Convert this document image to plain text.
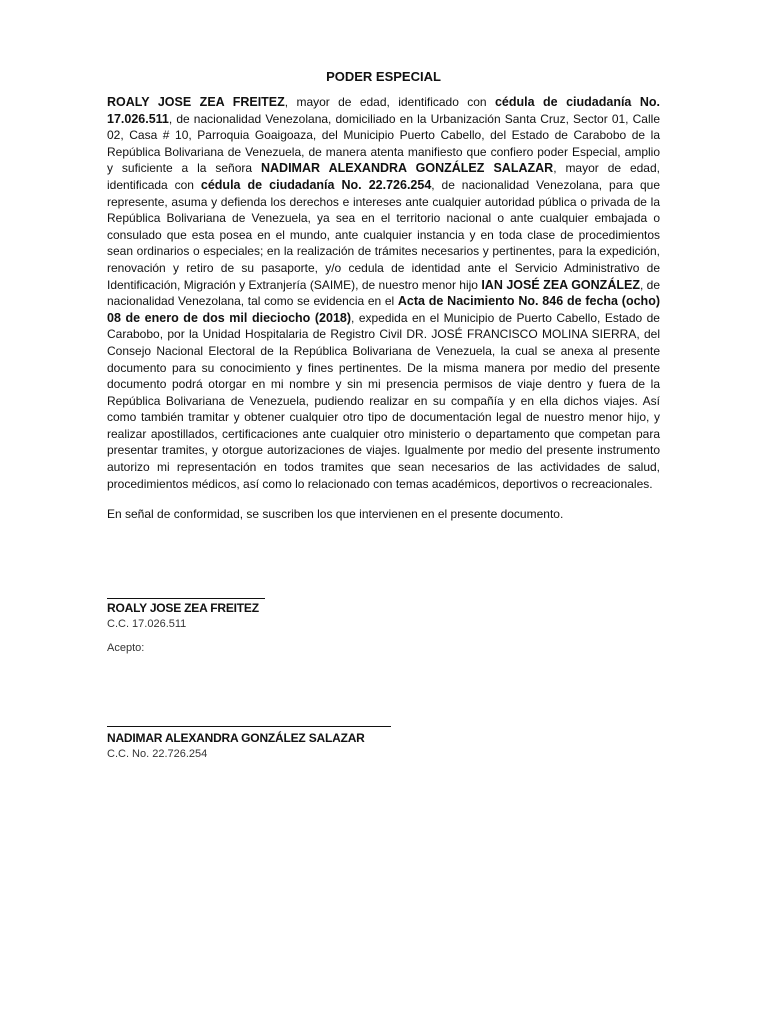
PODER ESPECIAL

ROALY JOSE ZEA FREITEZ, mayor de edad, identificado con cédula de ciudadanía No. 17.026.511, de nacionalidad Venezolana, domiciliado en la Urbanización Santa Cruz, Sector 01, Calle 02, Casa # 10, Parroquia Goaigoaza, del Municipio Puerto Cabello, del Estado de Carabobo de la República Bolivariana de Venezuela, de manera atenta manifiesto que confiero poder Especial, amplio y suficiente a la señora NADIMAR ALEXANDRA GONZÁLEZ SALAZAR, mayor de edad, identificada con cédula de ciudadanía No. 22.726.254, de nacionalidad Venezolana, para que represente, asuma y defienda los derechos e intereses ante cualquier autoridad pública o privada de la República Bolivariana de Venezuela, ya sea en el territorio nacional o ante cualquier embajada o consulado que esta posea en el mundo, ante cualquier instancia y en toda clase de procedimientos sean ordinarios o especiales; en la realización de trámites necesarios y pertinentes, para la expedición, renovación y retiro de su pasaporte, y/o cedula de identidad ante el Servicio Administrativo de Identificación, Migración y Extranjería (SAIME), de nuestro menor hijo IAN JOSÉ ZEA GONZÁLEZ, de nacionalidad Venezolana, tal como se evidencia en el Acta de Nacimiento No. 846 de fecha (ocho) 08 de enero de dos mil dieciocho (2018), expedida en el Municipio de Puerto Cabello, Estado de Carabobo, por la Unidad Hospitalaria de Registro Civil DR. JOSÉ FRANCISCO MOLINA SIERRA, del Consejo Nacional Electoral de la República Bolivariana de Venezuela, la cual se anexa al presente documento para su conocimiento y fines pertinentes. De la misma manera por medio del presente documento podrá otorgar en mi nombre y sin mi presencia permisos de viaje dentro y fuera de la República Bolivariana de Venezuela, pudiendo realizar en su compañía y en ella dichos viajes. Así como también tramitar y obtener cualquier otro tipo de documentación legal de nuestro menor hijo, y realizar apostillados, certificaciones ante cualquier otro ministerio o departamento que competan para presentar tramites, y otorgue autorizaciones de viajes. Igualmente por medio del presente instrumento autorizo mi representación en todos tramites que sean necesarios de las actividades de salud, procedimientos médicos, así como lo relacionado con temas académicos, deportivos o recreacionales.

En señal de conformidad, se suscriben los que intervienen en el presente documento.

ROALY JOSE ZEA FREITEZ
C.C. 17.026.511
Acepto:
NADIMAR ALEXANDRA GONZÁLEZ SALAZAR
C.C. No. 22.726.254
